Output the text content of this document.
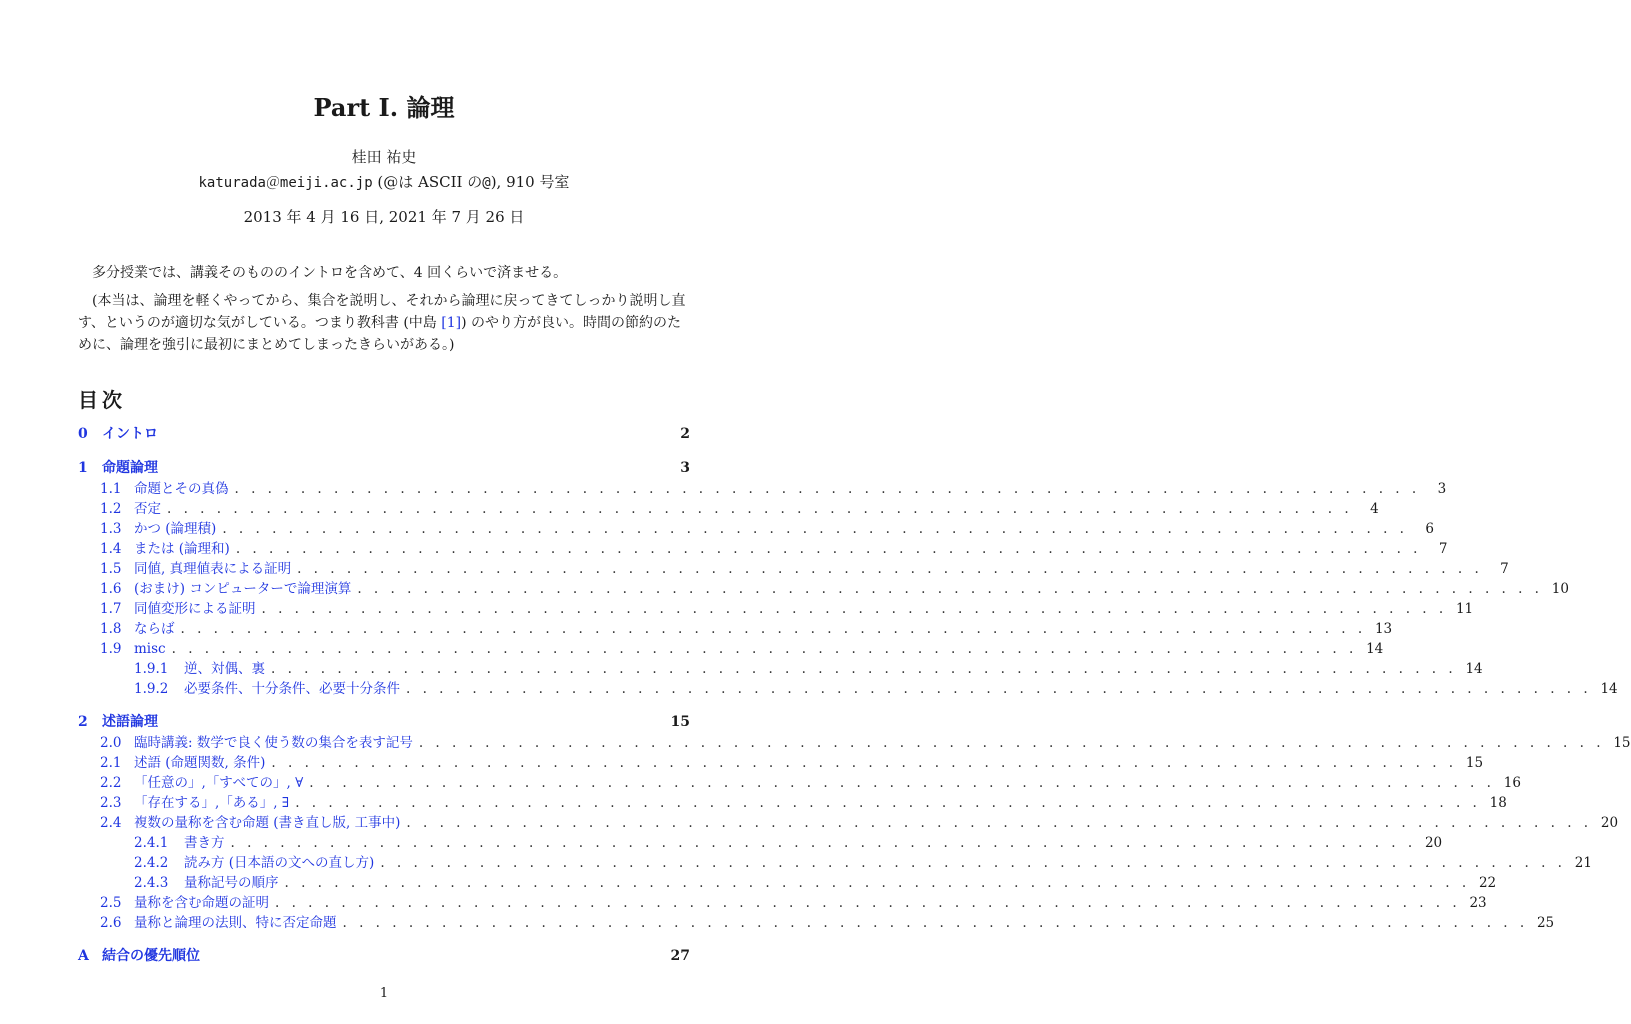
Part I. 論理
桂田 祐史
katurada＠meiji.ac.jp (@は ASCII の@), 910 号室
2013 年 4 月 16 日, 2021 年 7 月 26 日
多分授業では、講義そのもののイントロを含めて、4 回くらいで済ませる。
(本当は、論理を軽くやってから、集合を説明し、それから論理に戻ってきてしっかり説明し直す、というのが適切な気がしている。つまり教科書 (中島 [1]) のやり方が良い。時間の節約のために、論理を強引に最初にまとめてしまったきらいがある。)
目次
0	イントロ	2
1	命題論理	3
1.1 命題とその真偽 . . . . . . . . . . . . . . . . . . . . . . . . . . . . . . . . . . . . . . . . . . . . . . . . . . . . . . . . . . . . . . . . . . . . . . . .	3
1.2 否定 . . . . . . . . . . . . . . . . . . . . . . . . . . . . . . . . . . . . . . . . . . . . . . . . . . . . . . . . . . . . . . . . . . . . . . . .	4
1.3 かつ (論理積) . . . . . . . . . . . . . . . . . . . . . . . . . . . . . . . . . . . . . . . . . . . . . . . . . . . . . . . . . . . . . . . . . . . . . . . .	6
1.4 または (論理和) . . . . . . . . . . . . . . . . . . . . . . . . . . . . . . . . . . . . . . . . . . . . . . . . . . . . . . . . . . . . . . . . . . . . . . . .	7
1.5 同値, 真理値表による証明 . . . . . . . . . . . . . . . . . . . . . . . . . . . . . . . . . . . . . . . . . . . . . . . . . . . . . . . . . . . . . . . . . . . . . . . .	7
1.6 (おまけ) コンピューターで論理演算 . . . . . . . . . . . . . . . . . . . . . . . . . . . . . . . . . . . . . . . . . . . . . . . . . . . . . . . . . . . . . . . . . . . . . . . . 10
1.7 同値変形による証明 . . . . . . . . . . . . . . . . . . . . . . . . . . . . . . . . . . . . . . . . . . . . . . . . . . . . . . . . . . . . . . . . . . . . . . . . 11
1.8 ならば . . . . . . . . . . . . . . . . . . . . . . . . . . . . . . . . . . . . . . . . . . . . . . . . . . . . . . . . . . . . . . . . . . . . . . . . 13
1.9 misc . . . . . . . . . . . . . . . . . . . . . . . . . . . . . . . . . . . . . . . . . . . . . . . . . . . . . . . . . . . . . . . . . . . . . . . . 14
1.9.1	逆、対偶、裏 . . . . . . . . . . . . . . . . . . . . . . . . . . . . . . . . . . . . . . . . . . . . . . . . . . . . . . . . . . . . . . . . . . . . . . . . 14
1.9.2	必要条件、十分条件、必要十分条件 . . . . . . . . . . . . . . . . . . . . . . . . . . . . . . . . . . . . . . . . . . . . . . . . . . . . . . . . . . . . . . . . . . . . . . . . 14
2	述語論理	15
2.0 臨時講義: 数学で良く使う数の集合を表す記号 . . . . . . . . . . . . . . . . . . . . . . . . . . . . . . . . . . . . . . . . . . . . . . . . . . . . . . . . . . . . . . . . . . . . . . . . 15
2.1 述語 (命題関数, 条件) . . . . . . . . . . . . . . . . . . . . . . . . . . . . . . . . . . . . . . . . . . . . . . . . . . . . . . . . . . . . . . . . . . . . . . . . 15
2.2 「任意の」,「すべての」, ∀ . . . . . . . . . . . . . . . . . . . . . . . . . . . . . . . . . . . . . . . . . . . . . . . . . . . . . . . . . . . . . . . . . . . . . . . . 16
2.3 「存在する」,「ある」, ∃ . . . . . . . . . . . . . . . . . . . . . . . . . . . . . . . . . . . . . . . . . . . . . . . . . . . . . . . . . . . . . . . . . . . . . . . . 18
2.4 複数の量称を含む命題 (書き直し版, 工事中) . . . . . . . . . . . . . . . . . . . . . . . . . . . . . . . . . . . . . . . . . . . . . . . . . . . . . . . . . . . . . . . . . . . . . . . . 20
2.4.1	書き方 . . . . . . . . . . . . . . . . . . . . . . . . . . . . . . . . . . . . . . . . . . . . . . . . . . . . . . . . . . . . . . . . . . . . . . . . 20
2.4.2	読み方 (日本語の文への直し方) . . . . . . . . . . . . . . . . . . . . . . . . . . . . . . . . . . . . . . . . . . . . . . . . . . . . . . . . . . . . . . . . . . . . . . . . 21
2.4.3	量称記号の順序 . . . . . . . . . . . . . . . . . . . . . . . . . . . . . . . . . . . . . . . . . . . . . . . . . . . . . . . . . . . . . . . . . . . . . . . . 22
2.5 量称を含む命題の証明 . . . . . . . . . . . . . . . . . . . . . . . . . . . . . . . . . . . . . . . . . . . . . . . . . . . . . . . . . . . . . . . . . . . . . . . . 23
2.6 量称と論理の法則、特に否定命題 . . . . . . . . . . . . . . . . . . . . . . . . . . . . . . . . . . . . . . . . . . . . . . . . . . . . . . . . . . . . . . . . . . . . . . . . 25
A 結合の優先順位	27
1
